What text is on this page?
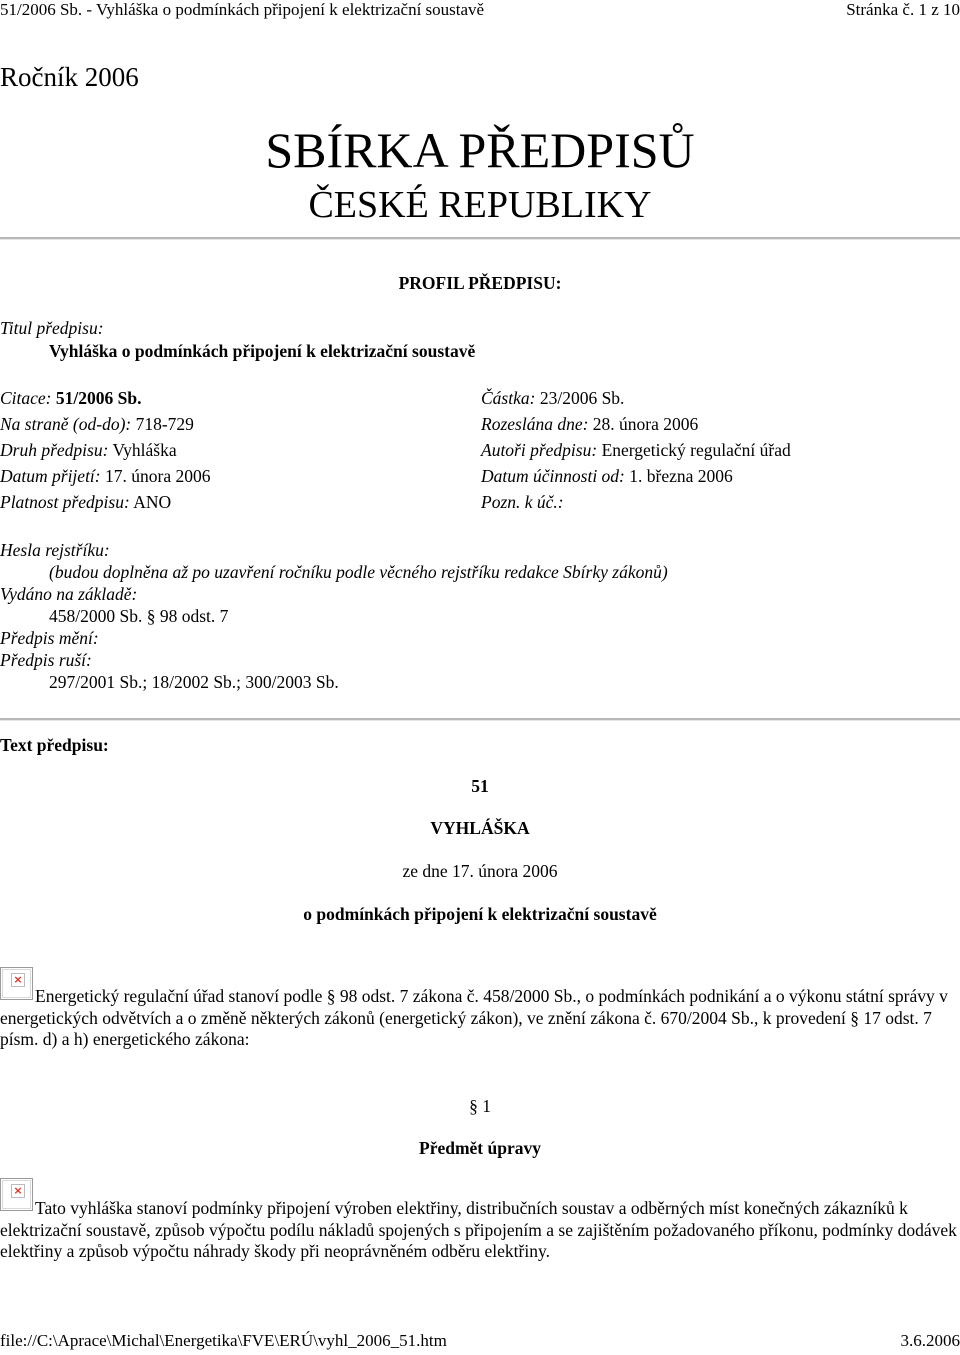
51/2006 Sb. - Vyhláška o podmínkách připojení k elektrizační soustavě	Stránka č. 1 z 10
Ročník 2006
SBÍRKA PŘEDPISŮ
ČESKÉ REPUBLIKY
PROFIL PŘEDPISU:
Titul předpisu:
Vyhláška o podmínkách připojení k elektrizační soustavě
Citace: 51/2006 Sb.	Částka: 23/2006 Sb.
Na straně (od-do): 718-729	Rozeslána dne: 28. února 2006
Druh předpisu: Vyhláška	Autoři předpisu: Energetický regulační úřad
Datum přijetí: 17. února 2006	Datum účinnosti od: 1. března 2006
Platnost předpisu: ANO	Pozn. k úč.:
Hesla rejstříku:
(budou doplněna až po uzavření ročníku podle věcného rejstříku redakce Sbírky zákonů)
Vydáno na základě:
458/2000 Sb. § 98 odst. 7
Předpis mění:
Předpis ruší:
297/2001 Sb.; 18/2002 Sb.; 300/2003 Sb.
Text předpisu:
51
VYHLÁŠKA
ze dne 17. února 2006
o podmínkách připojení k elektrizační soustavě
×
Energetický regulační úřad stanoví podle § 98 odst. 7 zákona č. 458/2000 Sb., o podmínkách podnikání a o výkonu státní správy v energetických odvětvích a o změně některých zákonů (energetický zákon), ve znění zákona č. 670/2004 Sb., k provedení § 17 odst. 7 písm. d) a h) energetického zákona:
§ 1
Předmět úpravy
×
Tato vyhláška stanoví podmínky připojení výroben elektřiny, distribučních soustav a odběrných míst konečných zákazníků k elektrizační soustavě, způsob výpočtu podílu nákladů spojených s připojením a se zajištěním požadovaného příkonu, podmínky dodávek elektřiny a způsob výpočtu náhrady škody při neoprávněném odběru elektřiny.
file://C:\Aprace\Michal\Energetika\FVE\ERÚ\vyhl_2006_51.htm	3.6.2006
